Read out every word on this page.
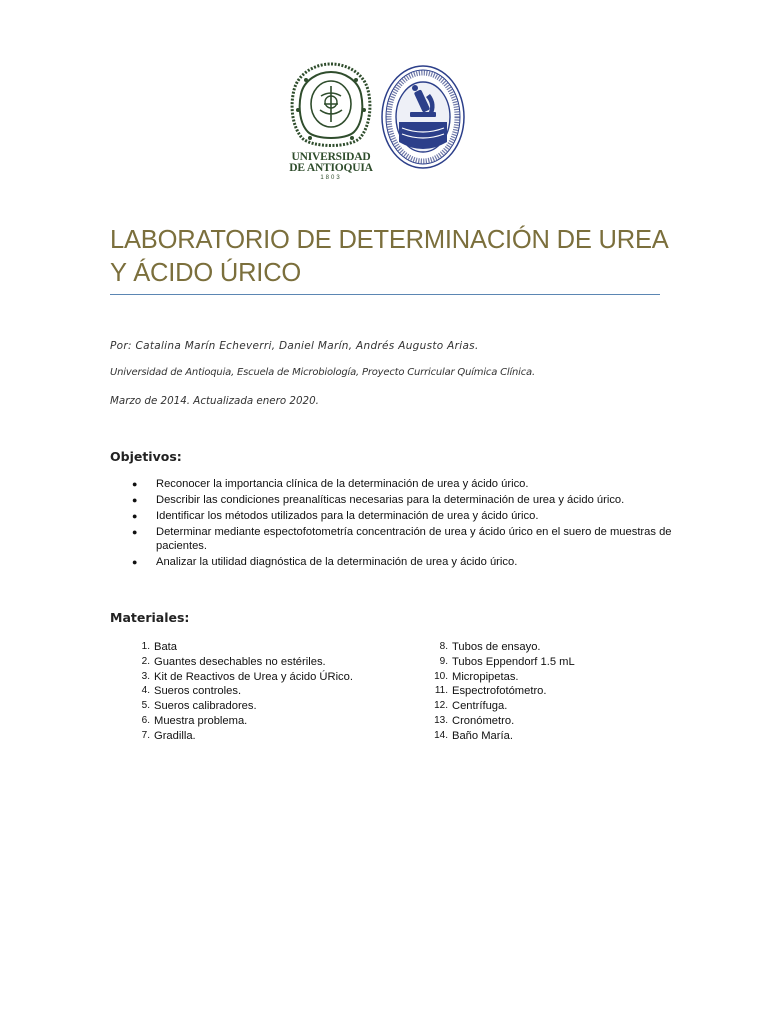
UNIVERSIDAD
DE ANTIOQUIA
1803
LABORATORIO DE DETERMINACIÓN DE UREA Y ÁCIDO ÚRICO
Por: Catalina Marín Echeverri, Daniel Marín, Andrés Augusto Arias.
Universidad de Antioquia, Escuela de Microbiología, Proyecto Curricular Química Clínica.
Marzo de 2014. Actualizada enero 2020.
Objetivos:
● Reconocer la importancia clínica de la determinación de urea y ácido úrico.
● Describir las condiciones preanalíticas necesarias para la determinación de urea y ácido úrico.
● Identificar los métodos utilizados para la determinación de urea y ácido úrico.
● Determinar mediante espectofotometría concentración de urea y ácido úrico en el suero de muestras de pacientes.
● Analizar la utilidad diagnóstica de la determinación de urea y ácido úrico.
Materiales:
1. Bata
2. Guantes desechables no estériles.
3. Kit de Reactivos de Urea y ácido ÚRico.
4. Sueros controles.
5. Sueros calibradores.
6. Muestra problema.
7. Gradilla.
8. Tubos de ensayo.
9. Tubos Eppendorf 1.5 mL
10. Micropipetas.
11. Espectrofotómetro.
12. Centrífuga.
13. Cronómetro.
14. Baño María.
